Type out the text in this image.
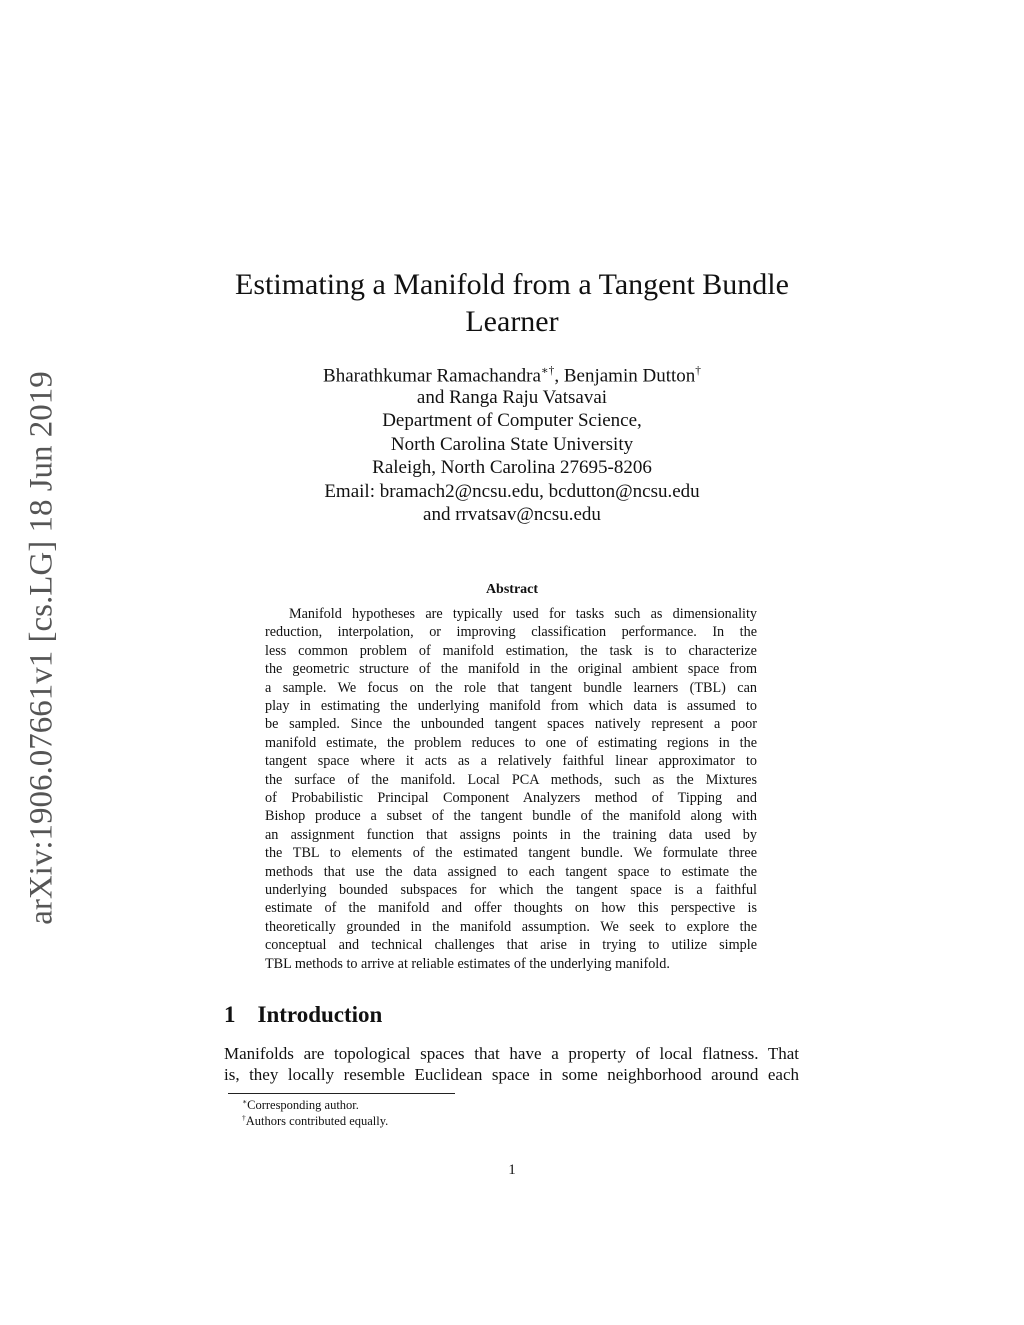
arXiv:1906.07661v1 [cs.LG] 18 Jun 2019
Estimating a Manifold from a Tangent Bundle
Learner
Bharathkumar Ramachandra∗†, Benjamin Dutton†
and Ranga Raju Vatsavai
Department of Computer Science,
North Carolina State University
Raleigh, North Carolina 27695-8206
Email: bramach2@ncsu.edu, bcdutton@ncsu.edu
and rrvatsav@ncsu.edu
Abstract
Manifold hypotheses are typically used for tasks such as dimensionality
reduction, interpolation, or improving classification performance. In the
less common problem of manifold estimation, the task is to characterize
the geometric structure of the manifold in the original ambient space from
a sample. We focus on the role that tangent bundle learners (TBL) can
play in estimating the underlying manifold from which data is assumed to
be sampled. Since the unbounded tangent spaces natively represent a poor
manifold estimate, the problem reduces to one of estimating regions in the
tangent space where it acts as a relatively faithful linear approximator to
the surface of the manifold. Local PCA methods, such as the Mixtures
of Probabilistic Principal Component Analyzers method of Tipping and
Bishop produce a subset of the tangent bundle of the manifold along with
an assignment function that assigns points in the training data used by
the TBL to elements of the estimated tangent bundle. We formulate three
methods that use the data assigned to each tangent space to estimate the
underlying bounded subspaces for which the tangent space is a faithful
estimate of the manifold and offer thoughts on how this perspective is
theoretically grounded in the manifold assumption. We seek to explore the
conceptual and technical challenges that arise in trying to utilize simple
TBL methods to arrive at reliable estimates of the underlying manifold.
1 Introduction
Manifolds are topological spaces that have a property of local flatness. That
is, they locally resemble Euclidean space in some neighborhood around each
∗Corresponding author.
†Authors contributed equally.
1
